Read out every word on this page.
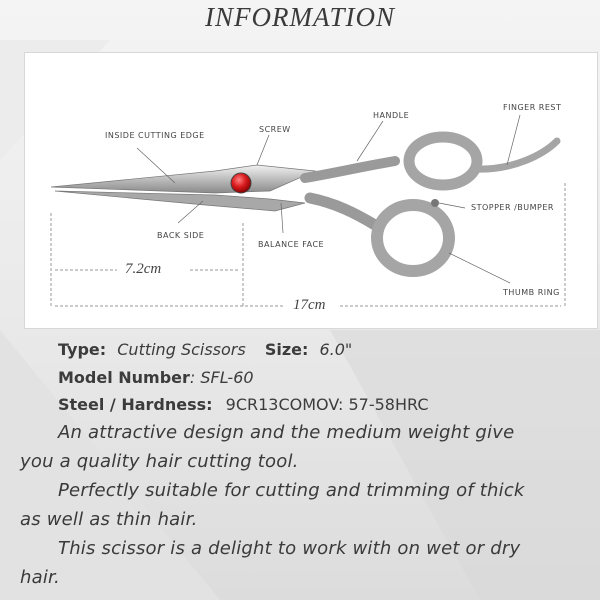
INFORMATION
INSIDE CUTTING EDGE
SCREW
HANDLE
FINGER REST
BACK SIDE
BALANCE FACE
STOPPER /BUMPER
THUMB RING
7.2cm
17cm
Type: Cutting Scissors Size: 6.0"
Model Number: SFL-60
Steel / Hardness: 9CR13COMOV: 57-58HRC
An attractive design and the medium weight give
you a quality hair cutting tool.
Perfectly suitable for cutting and trimming of thick
as well as thin hair.
This scissor is a delight to work with on wet or dry
hair.
